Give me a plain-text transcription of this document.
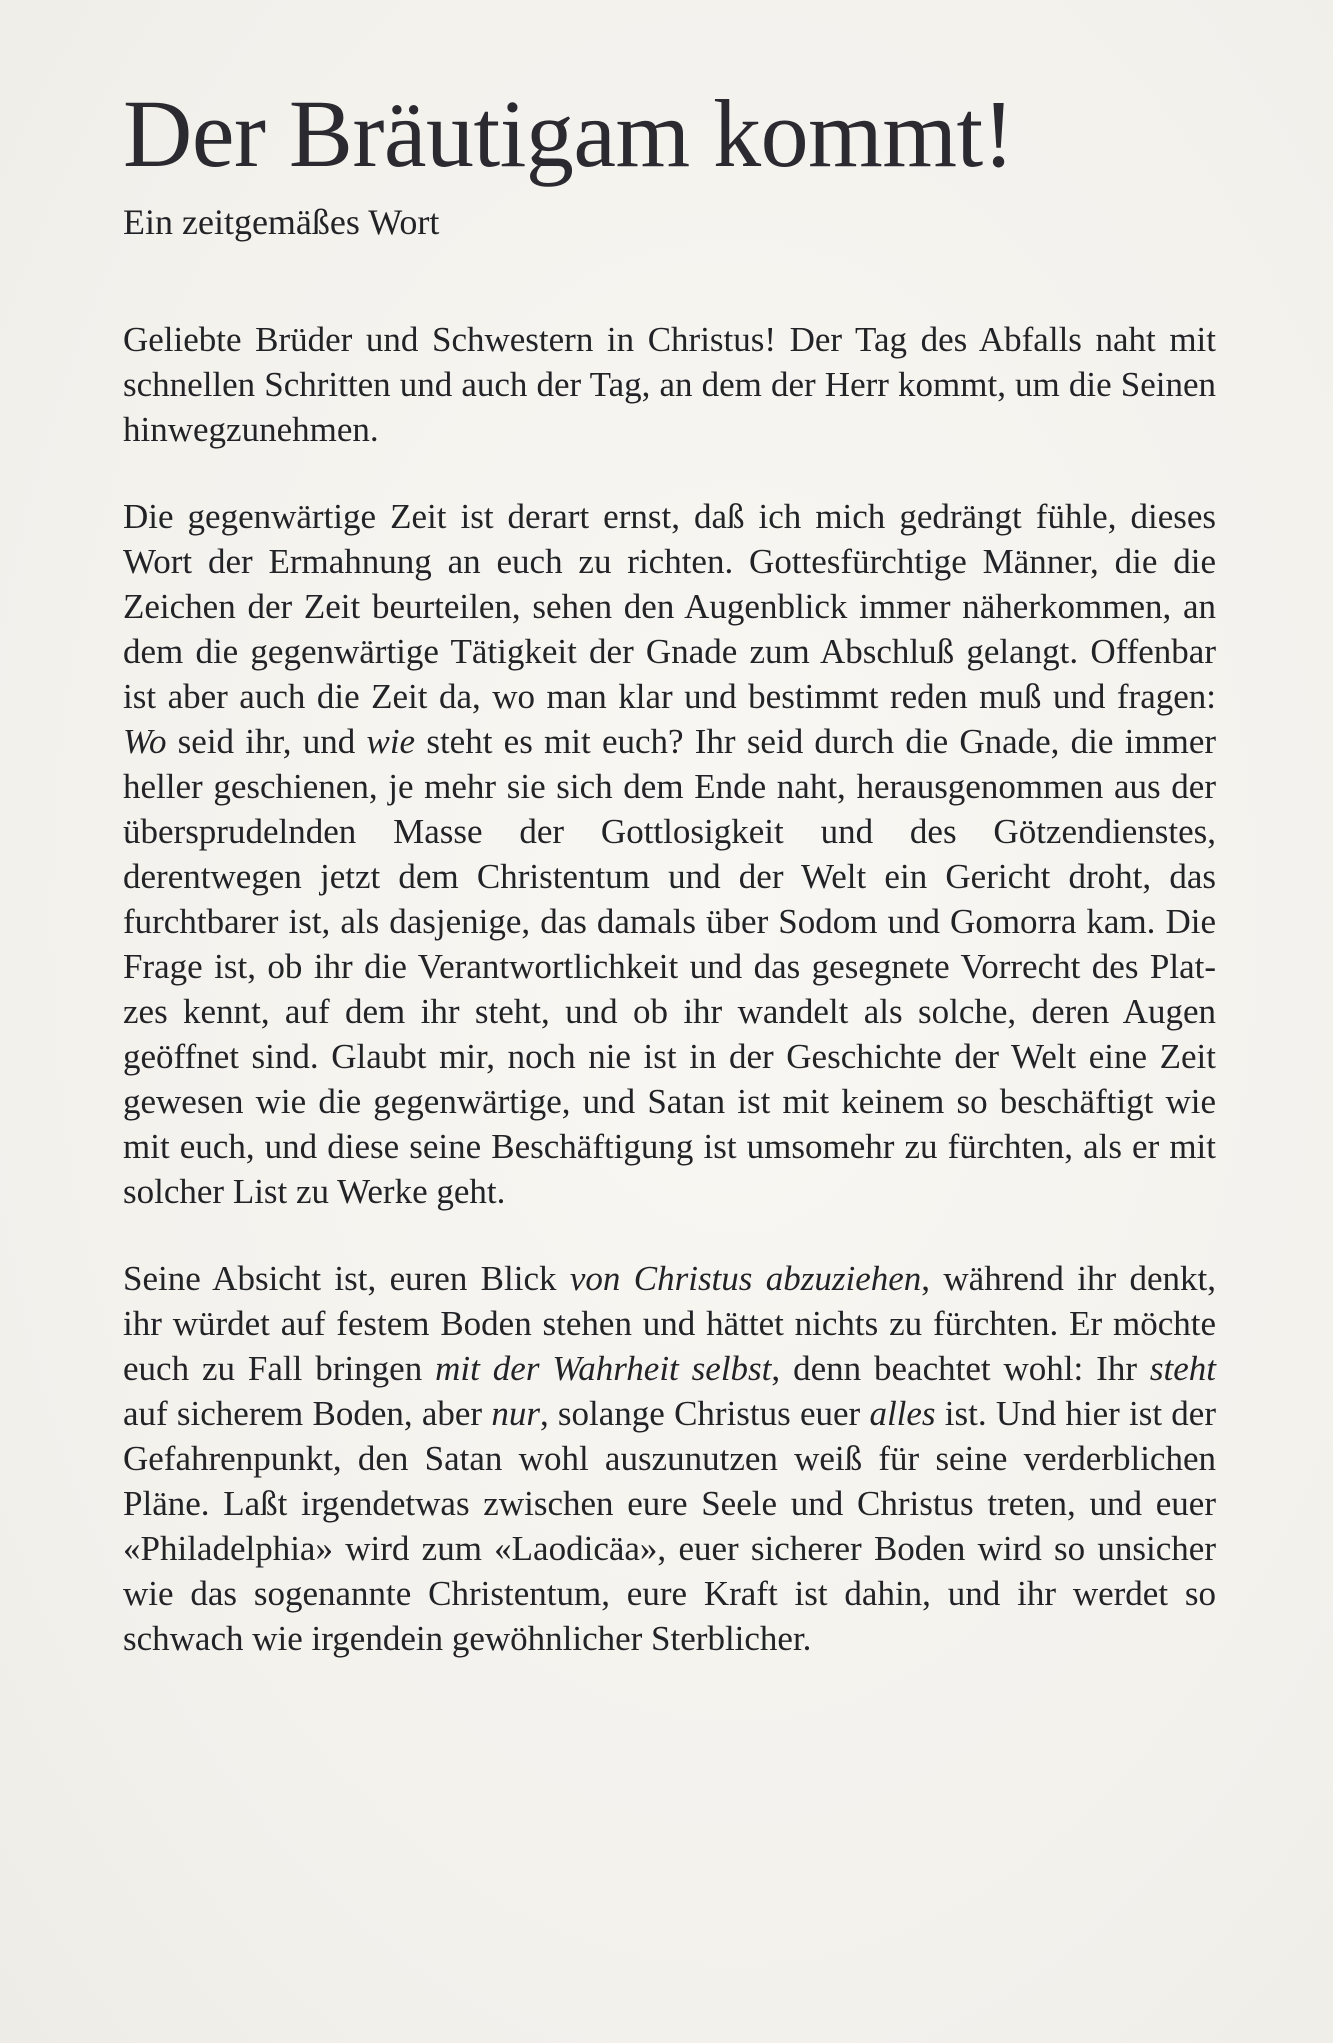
Der Bräutigam kommt!
Ein zeitgemäßes Wort

Geliebte Brüder und Schwestern in Christus! Der Tag des Abfalls naht mit schnellen Schritten und auch der Tag, an dem der Herr kommt, um die Seinen hinwegzunehmen.

Die gegenwärtige Zeit ist derart ernst, daß ich mich gedrängt fühle, dieses Wort der Ermahnung an euch zu richten. Gottesfürchtige Männer, die die Zeichen der Zeit beurteilen, sehen den Augenblick immer näherkommen, an dem die gegenwärtige Tätigkeit der Gnade zum Abschluß gelangt. Offenbar ist aber auch die Zeit da, wo man klar und bestimmt reden muß und fragen: Wo seid ihr, und wie steht es mit euch? Ihr seid durch die Gnade, die immer heller geschienen, je mehr sie sich dem Ende naht, herausgenommen aus der übersprudelnden Masse der Gottlosigkeit und des Götzendienstes, derentwegen jetzt dem Christentum und der Welt ein Gericht droht, das furchtbarer ist, als dasjenige, das damals über Sodom und Gomorra kam. Die Frage ist, ob ihr die Verantwortlichkeit und das gesegnete Vorrecht des Platzes kennt, auf dem ihr steht, und ob ihr wandelt als solche, deren Augen geöffnet sind. Glaubt mir, noch nie ist in der Geschichte der Welt eine Zeit gewesen wie die gegenwärtige, und Satan ist mit keinem so beschäftigt wie mit euch, und diese seine Beschäftigung ist umsomehr zu fürchten, als er mit solcher List zu Werke geht.

Seine Absicht ist, euren Blick von Christus abzuziehen, während ihr denkt, ihr würdet auf festem Boden stehen und hättet nichts zu fürchten. Er möchte euch zu Fall bringen mit der Wahrheit selbst, denn beachtet wohl: Ihr steht auf sicherem Boden, aber nur, solange Christus euer alles ist. Und hier ist der Gefahrenpunkt, den Satan wohl auszunutzen weiß für seine verderblichen Pläne. Laßt irgendetwas zwischen eure Seele und Christus treten, und euer «Philadelphia» wird zum «Laodicäa», euer sicherer Boden wird so unsicher wie das sogenannte Christentum, eure Kraft ist dahin, und ihr werdet so schwach wie irgendein gewöhnlicher Sterblicher.
